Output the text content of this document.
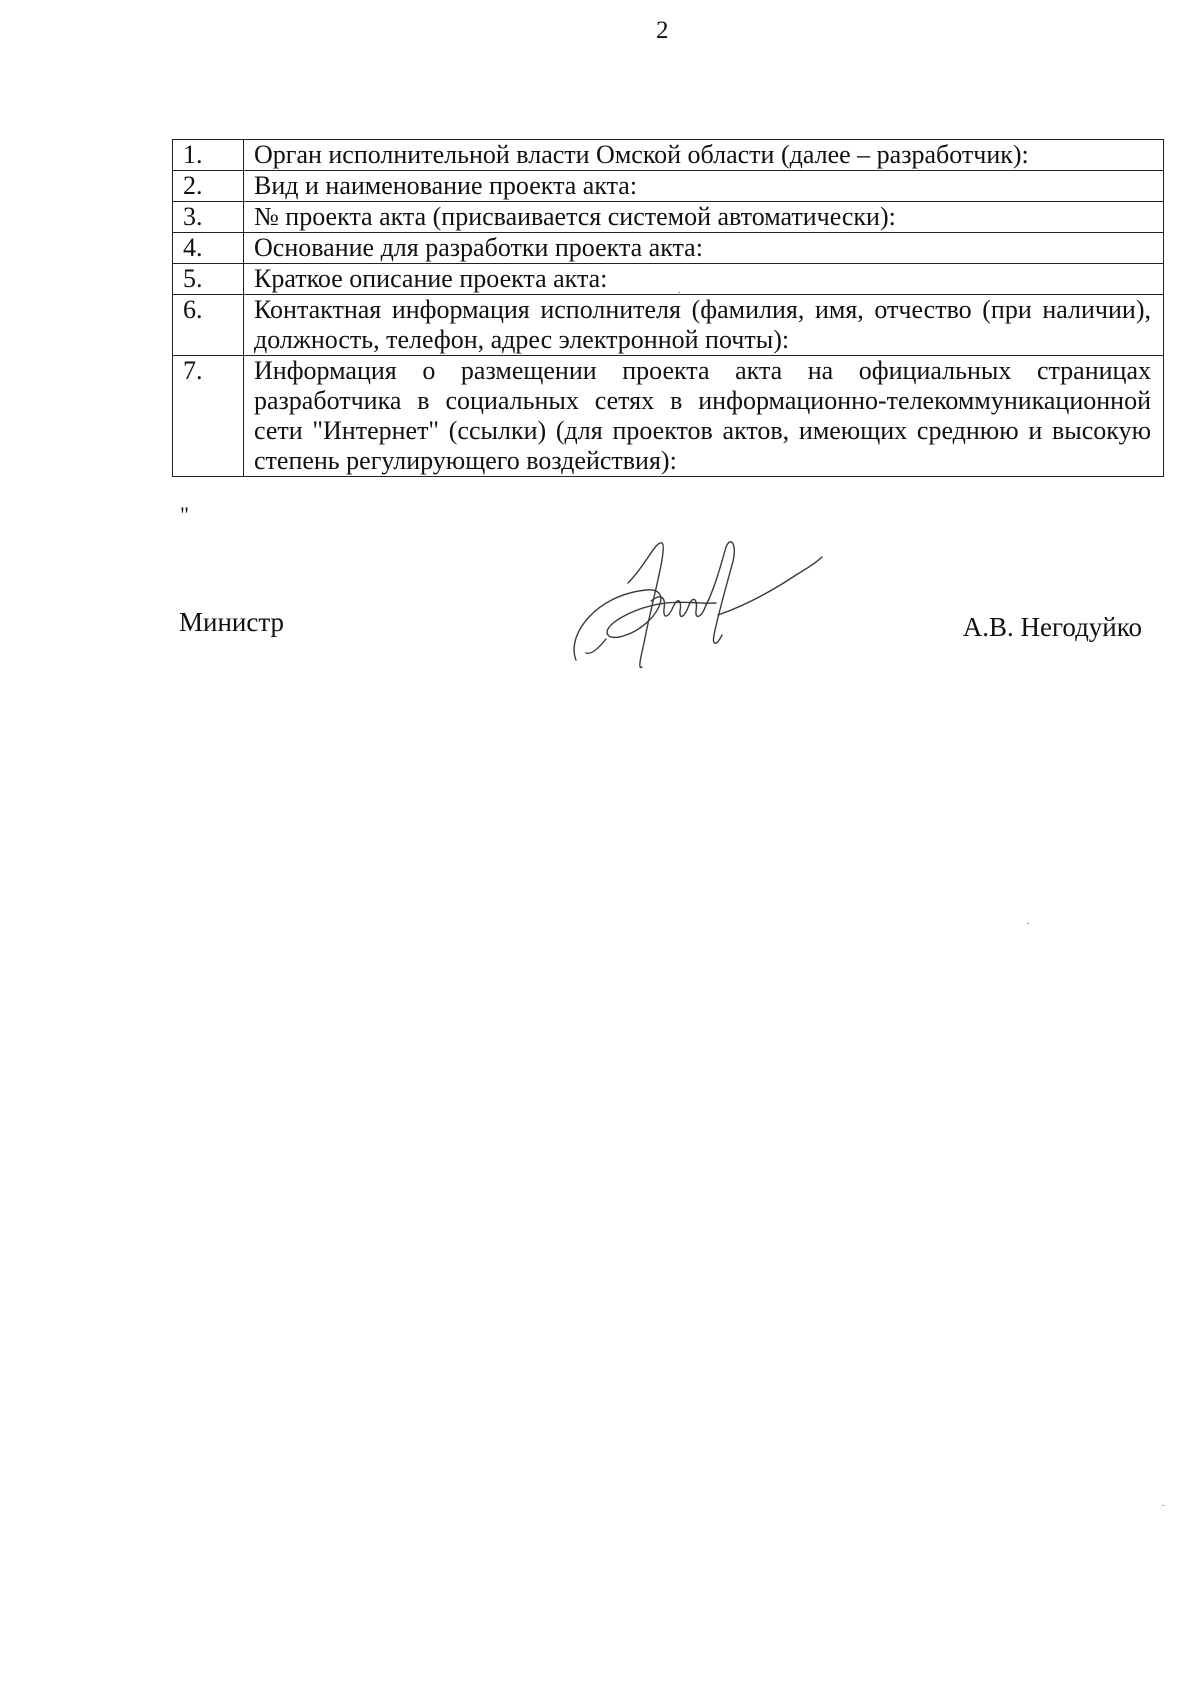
2
1.	Орган исполнительной власти Омской области (далее – разработчик):
2.	Вид и наименование проекта акта:
3.	№ проекта акта (присваивается системой автоматически):
4.	Основание для разработки проекта акта:
5.	Краткое описание проекта акта:
6.	Контактная информация исполнителя (фамилия, имя, отчество (при наличии), должность, телефон, адрес электронной почты):
7.	Информация о размещении проекта акта на официальных страницах разработчика в социальных сетях в информационно-телекоммуникационной сети "Интернет" (ссылки) (для проектов актов, имеющих среднюю и высокую степень регулирующего воздействия):
"
Министр	А.В. Негодуйко
